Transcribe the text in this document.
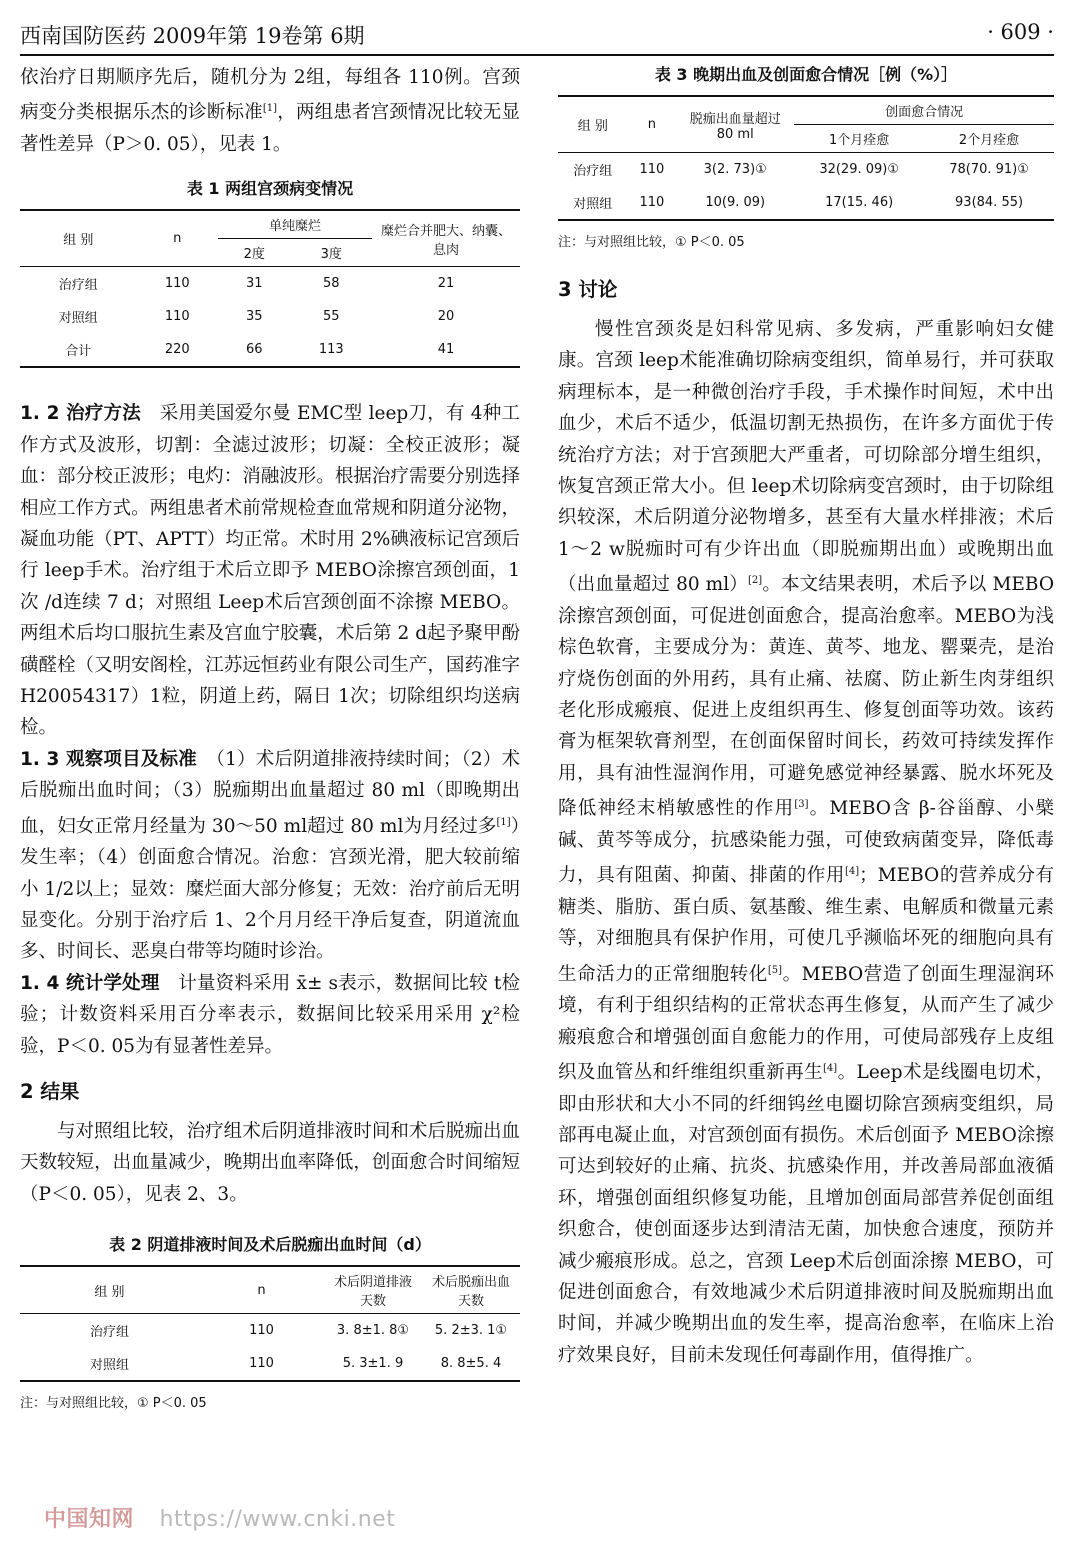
西南国防医药 2009年第 19卷第 6期	· 609 ·

依治疗日期顺序先后，随机分为 2组，每组各 110例。宫颈病变分类根据乐杰的诊断标准[1]，两组患者宫颈情况比较无显著性差异（P＞0. 05），见表 1。

表 1 两组宫颈病变情况
组 别	n	单纯糜烂		糜烂合并肥大、纳囊、息肉
		2度	3度	
治疗组	110	31	58	21
对照组	110	35	55	20
合计	220	66	113	41

1. 2 治疗方法　 采用美国爱尔曼 EMC型 leep刀，有 4种工作方式及波形，切割：全滤过波形；切凝：全校正波形；凝血：部分校正波形；电灼：消融波形。根据治疗需要分别选择相应工作方式。两组患者术前常规检查血常规和阴道分泌物，凝血功能（PT、APTT）均正常。术时用 2%碘液标记宫颈后行 leep手术。治疗组于术后立即予 MEBO涂擦宫颈创面，1次 /d连续 7 d；对照组 Leep术后宫颈创面不涂擦 MEBO。两组术后均口服抗生素及宫血宁胶囊，术后第 2 d起予聚甲酚磺醛栓（又明安阁栓，江苏远恒药业有限公司生产，国药准字 H20054317）1粒，阴道上药，隔日 1次；切除组织均送病检。

1. 3 观察项目及标准　 （1）术后阴道排液持续时间；（2）术后脱痂出血时间；（3）脱痂期出血量超过 80 ml（即晚期出血，妇女正常月经量为 30～50 ml超过 80 ml为月经过多[1]）发生率；（4）创面愈合情况。治愈：宫颈光滑，肥大较前缩小 1/2以上；显效：糜烂面大部分修复；无效：治疗前后无明显变化。分别于治疗后 1、2个月月经干净后复查，阴道流血多、时间长、恶臭白带等均随时诊治。

1. 4 统计学处理　 计量资料采用 x̄± s表示，数据间比较 t检验；计数资料采用百分率表示，数据间比较采用采用 χ²检验，P＜0. 05为有显著性差异。

2 结果

与对照组比较，治疗组术后阴道排液时间和术后脱痂出血天数较短，出血量减少，晚期出血率降低，创面愈合时间缩短（P＜0. 05），见表 2、3。

表 2 阴道排液时间及术后脱痂出血时间（d）
组 别	n	术后阴道排液天数	术后脱痂出血天数
治疗组	110	3. 8±1. 8①	5. 2±3. 1①
对照组	110	5. 3±1. 9	8. 8±5. 4
注：与对照组比较，① P＜0. 05
表 3 晚期出血及创面愈合情况［例（%）］
组 别	n	脱痂出血量超过 80 ml	创面愈合情况	
			1个月痊愈	2个月痊愈
治疗组	110	3(2. 73)①	32(29. 09)①	78(70. 91)①
对照组	110	10(9. 09)	17(15. 46)	93(84. 55)
注：与对照组比较，① P＜0. 05
3 讨论

慢性宫颈炎是妇科常见病、多发病，严重影响妇女健康。宫颈 leep术能准确切除病变组织，简单易行，并可获取病理标本，是一种微创治疗手段，手术操作时间短，术中出血少，术后不适少，低温切割无热损伤，在许多方面优于传统治疗方法；对于宫颈肥大严重者，可切除部分增生组织，恢复宫颈正常大小。但 leep术切除病变宫颈时，由于切除组织较深，术后阴道分泌物增多，甚至有大量水样排液；术后 1～2 w脱痂时可有少许出血（即脱痂期出血）或晚期出血（出血量超过 80 ml）[2]。本文结果表明，术后予以 MEBO涂擦宫颈创面，可促进创面愈合，提高治愈率。MEBO为浅棕色软膏，主要成分为：黄连、黄芩、地龙、罂粟壳，是治疗烧伤创面的外用药，具有止痛、祛腐、防止新生肉芽组织老化形成瘢痕、促进上皮组织再生、修复创面等功效。该药膏为框架软膏剂型，在创面保留时间长，药效可持续发挥作用，具有油性湿润作用，可避免感觉神经暴露、脱水坏死及降低神经末梢敏感性的作用[3]。MEBO含 β-谷甾醇、小檗碱、黄芩等成分，抗感染能力强，可使致病菌变异，降低毒力，具有阻菌、抑菌、排菌的作用[4]；MEBO的营养成分有糖类、脂肪、蛋白质、氨基酸、维生素、电解质和微量元素等，对细胞具有保护作用，可使几乎濒临坏死的细胞向具有生命活力的正常细胞转化[5]。MEBO营造了创面生理湿润环境，有利于组织结构的正常状态再生修复，从而产生了减少瘢痕愈合和增强创面自愈能力的作用，可使局部残存上皮组织及血管丛和纤维组织重新再生[4]。Leep术是线圈电切术，即由形状和大小不同的纤细钨丝电圈切除宫颈病变组织，局部再电凝止血，对宫颈创面有损伤。术后创面予 MEBO涂擦可达到较好的止痛、抗炎、抗感染作用，并改善局部血液循环，增强创面组织修复功能，且增加创面局部营养促创面组织愈合，使创面逐步达到清洁无菌，加快愈合速度，预防并减少瘢痕形成。总之，宫颈 Leep术后创面涂擦 MEBO，可促进创面愈合，有效地减少术后阴道排液时间及脱痂期出血时间，并减少晚期出血的发生率，提高治愈率，在临床上治疗效果良好，目前未发现任何毒副作用，值得推广。

中国知网 https://www.cnki.net
